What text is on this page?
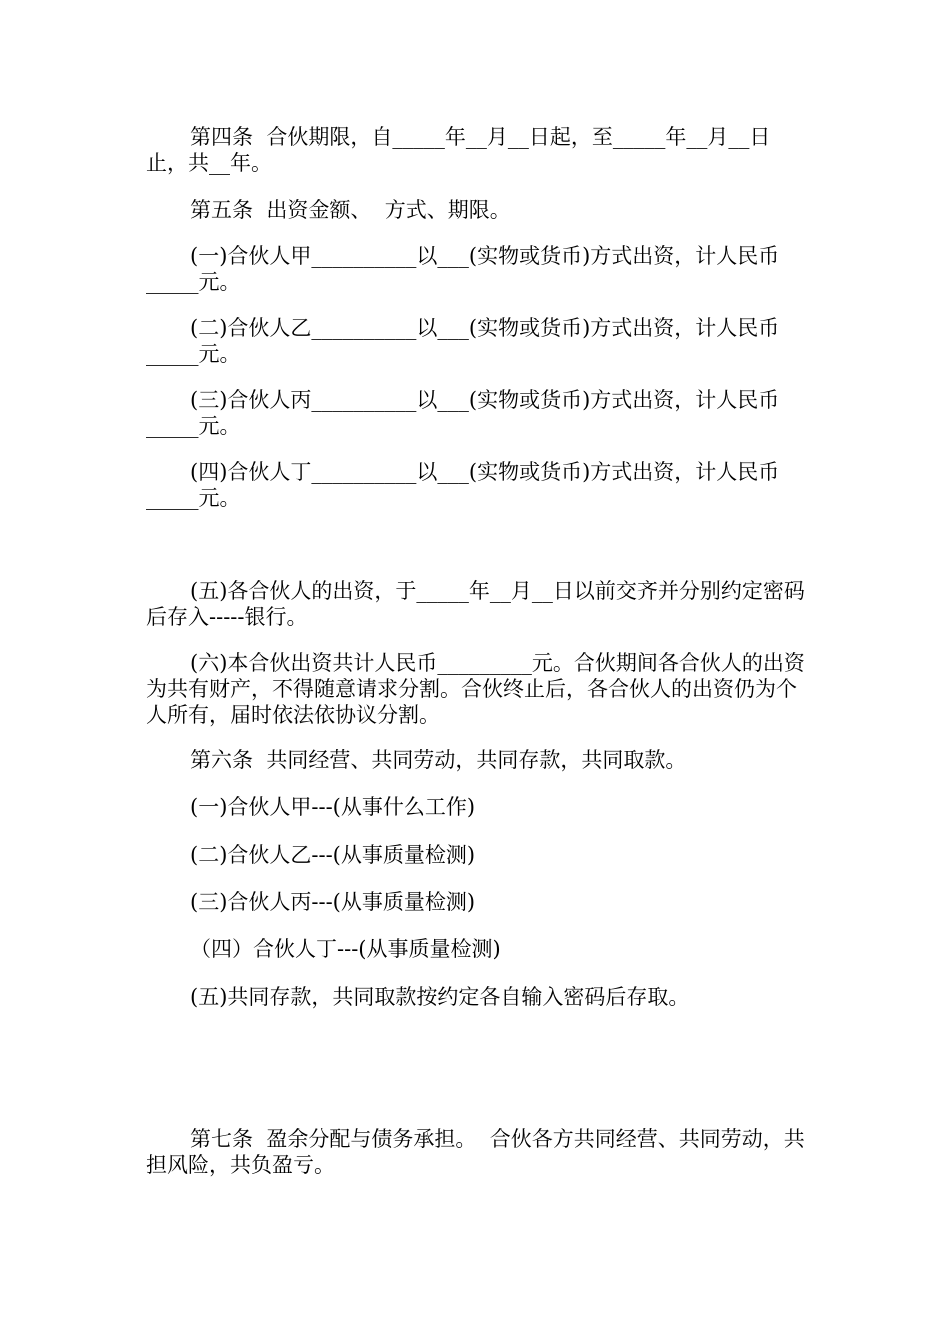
第四条  合伙期限，自_____年__月__日起，至_____年__月__日止，共__年。

第五条  出资金额、  方式、期限。

(一)合伙人甲__________以___(实物或货币)方式出资，计人民币_____元。

(二)合伙人乙__________以___(实物或货币)方式出资，计人民币_____元。

(三)合伙人丙__________以___(实物或货币)方式出资，计人民币_____元。

(四)合伙人丁__________以___(实物或货币)方式出资，计人民币_____元。

(五)各合伙人的出资，于_____年__月__日以前交齐并分别约定密码后存入-----银行。

(六)本合伙出资共计人民币_________元。合伙期间各合伙人的出资为共有财产，不得随意请求分割。合伙终止后，各合伙人的出资仍为个人所有，届时依法依协议分割。

第六条  共同经营、共同劳动，共同存款，共同取款。

(一)合伙人甲---(从事什么工作)

(二)合伙人乙---(从事质量检测)

(三)合伙人丙---(从事质量检测)

（四）合伙人丁---(从事质量检测)

(五)共同存款，共同取款按约定各自输入密码后存取。

第七条  盈余分配与债务承担。  合伙各方共同经营、共同劳动，共担风险，共负盈亏。
